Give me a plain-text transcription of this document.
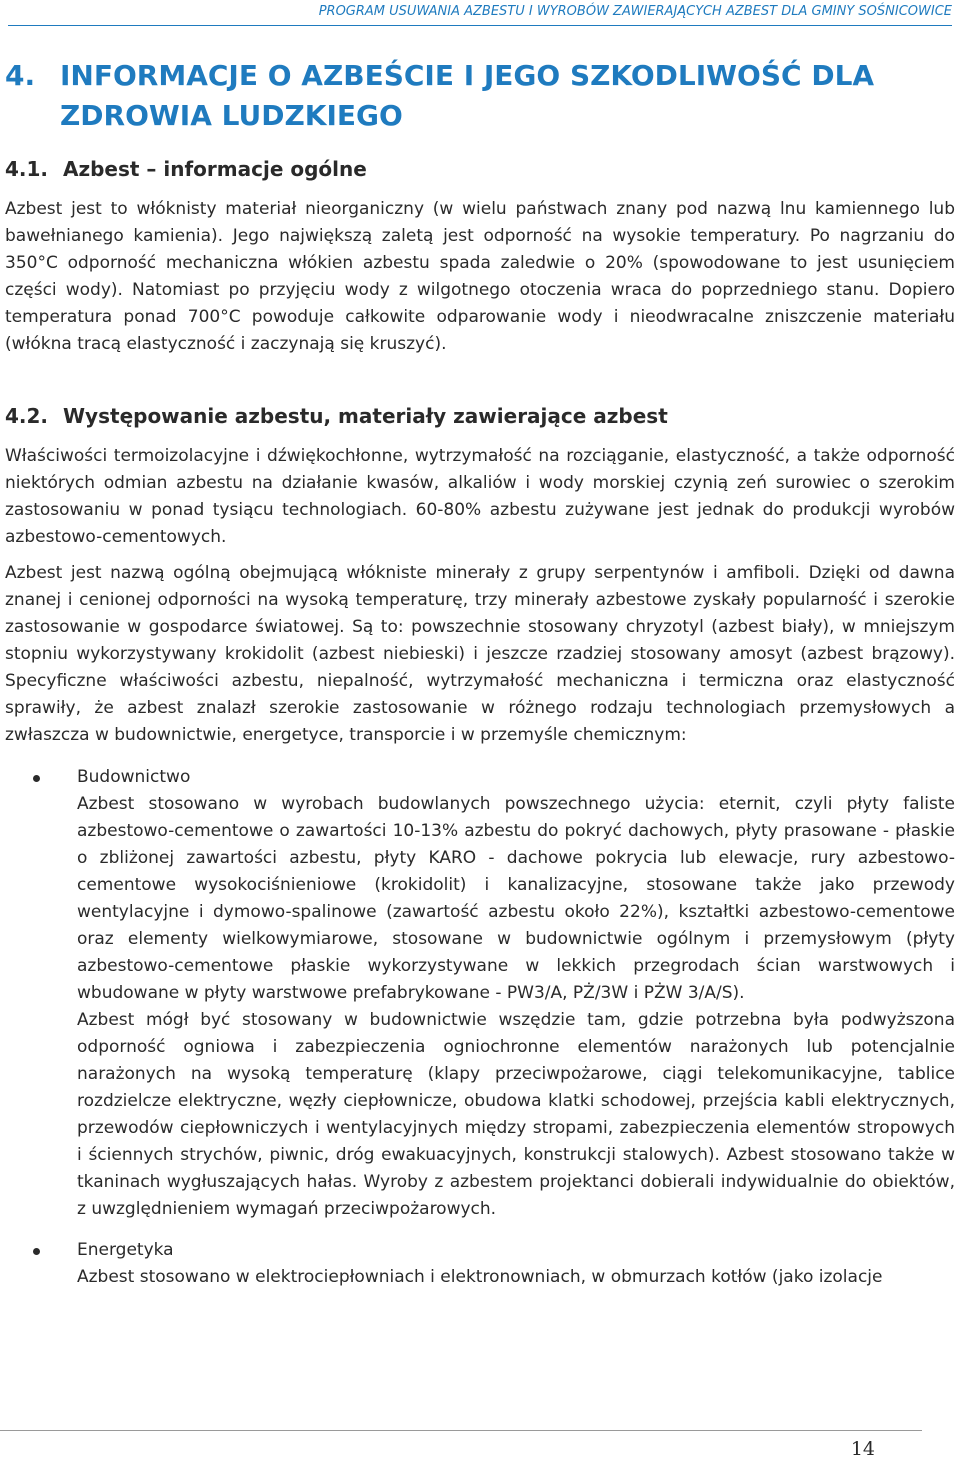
PROGRAM USUWANIA AZBESTU I WYROBÓW ZAWIERAJĄCYCH AZBEST DLA GMINY SOŚNICOWICE
4. INFORMACJE O AZBEŚCIE I JEGO SZKODLIWOŚĆ DLA ZDROWIA LUDZKIEGO
4.1. Azbest – informacje ogólne

Azbest jest to włóknisty materiał nieorganiczny (w wielu państwach znany pod nazwą lnu kamiennego lub bawełnianego kamienia). Jego największą zaletą jest odporność na wysokie temperatury. Po nagrzaniu do 350°C odporność mechaniczna włókien azbestu spada zaledwie o 20% (spowodowane to jest usunięciem części wody). Natomiast po przyjęciu wody z wilgotnego otoczenia wraca do poprzedniego stanu. Dopiero temperatura ponad 700°C powoduje całkowite odparowanie wody i nieodwracalne zniszczenie materiału (włókna tracą elastyczność i zaczynają się kruszyć).

4.2. Występowanie azbestu, materiały zawierające azbest

Właściwości termoizolacyjne i dźwiękochłonne, wytrzymałość na rozciąganie, elastyczność, a także odporność niektórych odmian azbestu na działanie kwasów, alkaliów i wody morskiej czynią zeń surowiec o szerokim zastosowaniu w ponad tysiącu technologiach. 60-80% azbestu zużywane jest jednak do produkcji wyrobów azbestowo-cementowych.

Azbest jest nazwą ogólną obejmującą włókniste minerały z grupy serpentynów i amfiboli. Dzięki od dawna znanej i cenionej odporności na wysoką temperaturę, trzy minerały azbestowe zyskały popularność i szerokie zastosowanie w gospodarce światowej. Są to: powszechnie stosowany chryzotyl (azbest biały), w mniejszym stopniu wykorzystywany krokidolit (azbest niebieski) i jeszcze rzadziej stosowany amosyt (azbest brązowy). Specyficzne właściwości azbestu, niepalność, wytrzymałość mechaniczna i termiczna oraz elastyczność sprawiły, że azbest znalazł szerokie zastosowanie w różnego rodzaju technologiach przemysłowych a zwłaszcza w budownictwie, energetyce, transporcie i w przemyśle chemicznym:

Budownictwo

Azbest stosowano w wyrobach budowlanych powszechnego użycia: eternit, czyli płyty faliste azbestowo-cementowe o zawartości 10-13% azbestu do pokryć dachowych, płyty prasowane - płaskie o zbliżonej zawartości azbestu, płyty KARO - dachowe pokrycia lub elewacje, rury azbestowo-cementowe wysokociśnieniowe (krokidolit) i kanalizacyjne, stosowane także jako przewody wentylacyjne i dymowo-spalinowe (zawartość azbestu około 22%), kształtki azbestowo-cementowe oraz elementy wielkowymiarowe, stosowane w budownictwie ogólnym i przemysłowym (płyty azbestowo-cementowe płaskie wykorzystywane w lekkich przegrodach ścian warstwowych i wbudowane w płyty warstwowe prefabrykowane - PW3/A, PŻ/3W i PŻW 3/A/S).

Azbest mógł być stosowany w budownictwie wszędzie tam, gdzie potrzebna była podwyższona odporność ogniowa i zabezpieczenia ogniochronne elementów narażonych lub potencjalnie narażonych na wysoką temperaturę (klapy przeciwpożarowe, ciągi telekomunikacyjne, tablice rozdzielcze elektryczne, węzły ciepłownicze, obudowa klatki schodowej, przejścia kabli elektrycznych, przewodów ciepłowniczych i wentylacyjnych między stropami, zabezpieczenia elementów stropowych i ściennych strychów, piwnic, dróg ewakuacyjnych, konstrukcji stalowych). Azbest stosowano także w tkaninach wygłuszających hałas. Wyroby z azbestem projektanci dobierali indywidualnie do obiektów, z uwzględnieniem wymagań przeciwpożarowych.

Energetyka

Azbest stosowano w elektrociepłowniach i elektronowniach, w obmurzach kotłów (jako izolacje

14
